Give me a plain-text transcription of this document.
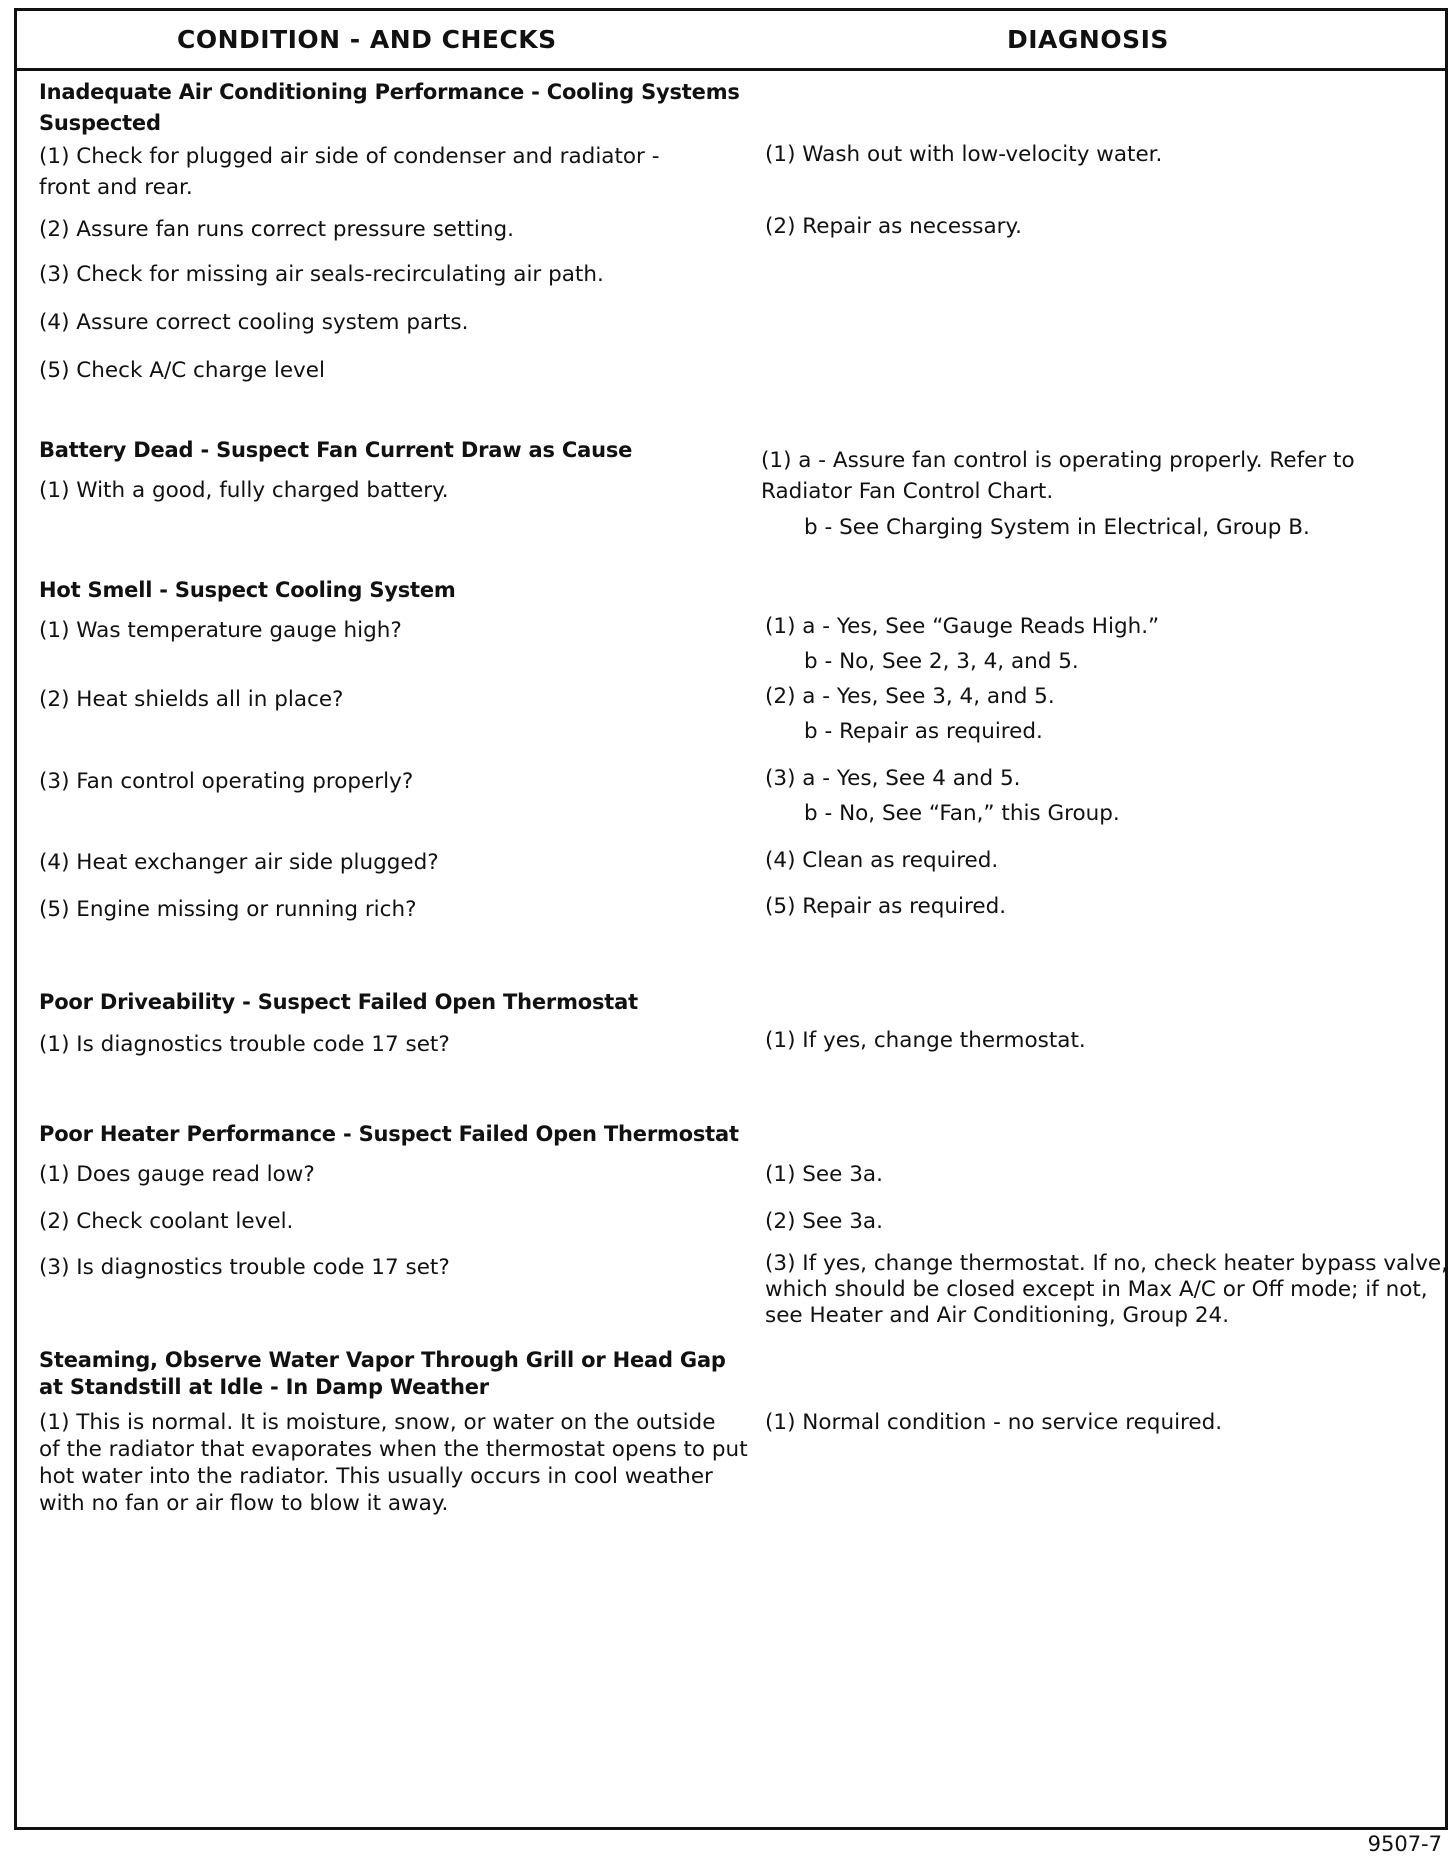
CONDITION - AND CHECKS	DIAGNOSIS
Inadequate Air Conditioning Performance - Cooling Systems
Suspected
(1) Check for plugged air side of condenser and radiator -
front and rear.
(2) Assure fan runs correct pressure setting.
(3) Check for missing air seals-recirculating air path.
(4) Assure correct cooling system parts.
(5) Check A/C charge level
(1) Wash out with low-velocity water.
(2) Repair as necessary.
Battery Dead - Suspect Fan Current Draw as Cause
(1) With a good, fully charged battery.
(1) a - Assure fan control is operating properly. Refer to
Radiator Fan Control Chart.
b - See Charging System in Electrical, Group B.
Hot Smell - Suspect Cooling System
(1) Was temperature gauge high?
(2) Heat shields all in place?
(3) Fan control operating properly?
(4) Heat exchanger air side plugged?
(5) Engine missing or running rich?
(1) a - Yes, See “Gauge Reads High.”
b - No, See 2, 3, 4, and 5.
(2) a - Yes, See 3, 4, and 5.
b - Repair as required.
(3) a - Yes, See 4 and 5.
b - No, See “Fan,” this Group.
(4) Clean as required.
(5) Repair as required.
Poor Driveability - Suspect Failed Open Thermostat
(1) Is diagnostics trouble code 17 set?	(1) If yes, change thermostat.
Poor Heater Performance - Suspect Failed Open Thermostat
(1) Does gauge read low?
(2) Check coolant level.
(3) Is diagnostics trouble code 17 set?
(1) See 3a.
(2) See 3a.
(3) If yes, change thermostat. If no, check heater bypass valve,
which should be closed except in Max A/C or Off mode; if not,
see Heater and Air Conditioning, Group 24.
Steaming, Observe Water Vapor Through Grill or Head Gap
at Standstill at Idle - In Damp Weather
(1) This is normal. It is moisture, snow, or water on the outside
of the radiator that evaporates when the thermostat opens to put
hot water into the radiator. This usually occurs in cool weather
with no fan or air flow to blow it away.
(1) Normal condition - no service required.
9507-7
